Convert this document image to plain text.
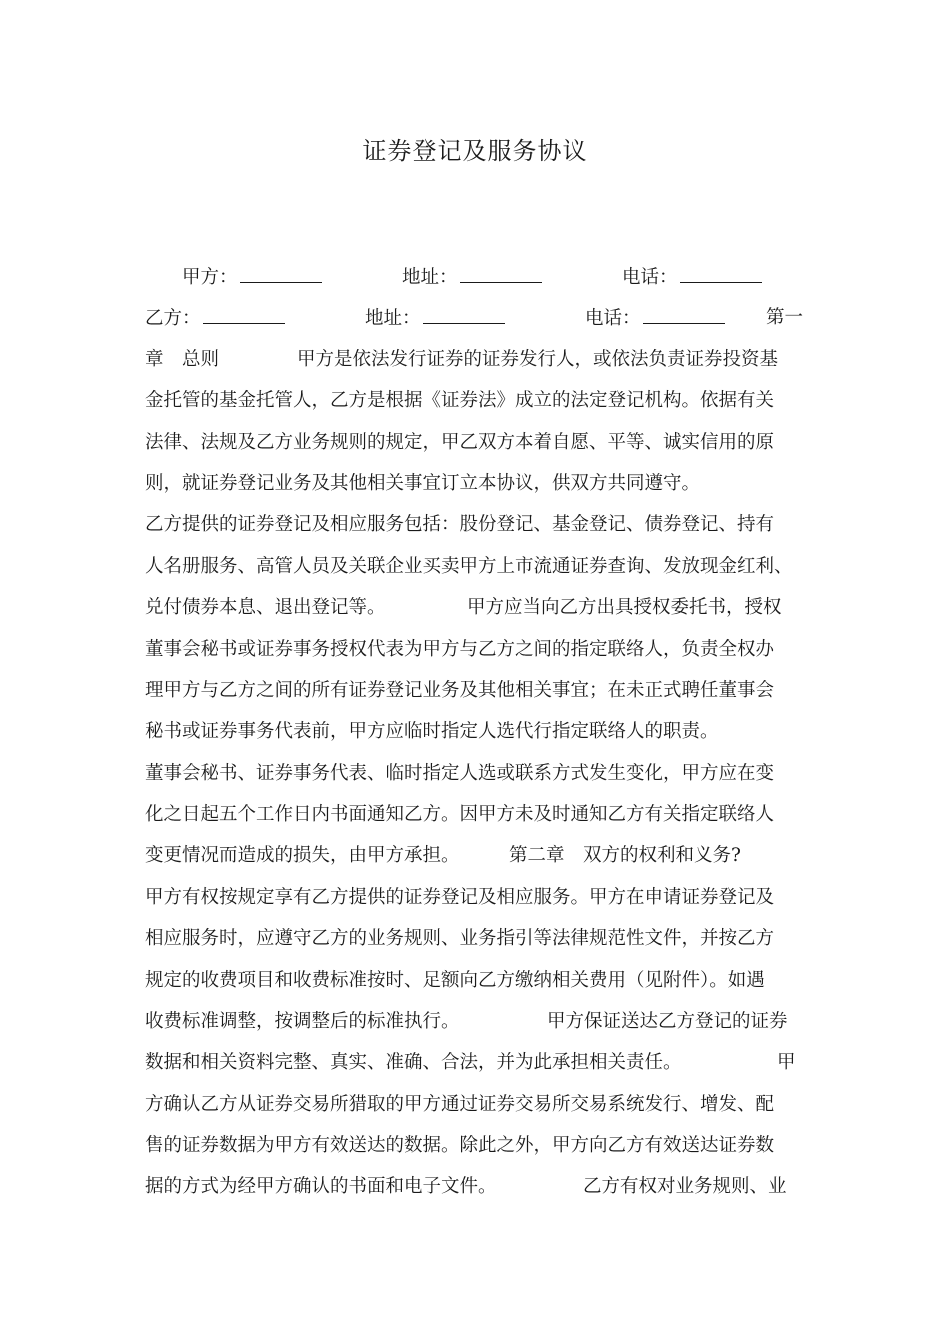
证券登记及服务协议
甲方：	地址：	电话：
乙方：	地址：	电话：	第一
章　总则	甲方是依法发行证券的证券发行人，或依法负责证券投资基
金托管的基金托管人，乙方是根据《证券法》成立的法定登记机构。依据有关
法律、法规及乙方业务规则的规定，甲乙双方本着自愿、平等、诚实信用的原
则，就证券登记业务及其他相关事宜订立本协议，供双方共同遵守。
乙方提供的证券登记及相应服务包括：股份登记、基金登记、债券登记、持有
人名册服务、高管人员及关联企业买卖甲方上市流通证券查询、发放现金红利、
兑付债券本息、退出登记等。	甲方应当向乙方出具授权委托书，授权
董事会秘书或证券事务授权代表为甲方与乙方之间的指定联络人，负责全权办
理甲方与乙方之间的所有证券登记业务及其他相关事宜；在未正式聘任董事会
秘书或证券事务代表前，甲方应临时指定人选代行指定联络人的职责。
董事会秘书、证券事务代表、临时指定人选或联系方式发生变化，甲方应在变
化之日起五个工作日内书面通知乙方。因甲方未及时通知乙方有关指定联络人
变更情况而造成的损失，由甲方承担。	第二章　双方的权利和义务?
甲方有权按规定享有乙方提供的证券登记及相应服务。甲方在申请证券登记及
相应服务时，应遵守乙方的业务规则、业务指引等法律规范性文件，并按乙方
规定的收费项目和收费标准按时、足额向乙方缴纳相关费用（见附件）。如遇
收费标准调整，按调整后的标准执行。	甲方保证送达乙方登记的证券
数据和相关资料完整、真实、准确、合法，并为此承担相关责任。	甲
方确认乙方从证券交易所猎取的甲方通过证券交易所交易系统发行、增发、配
售的证券数据为甲方有效送达的数据。除此之外，甲方向乙方有效送达证券数
据的方式为经甲方确认的书面和电子文件。	乙方有权对业务规则、业
